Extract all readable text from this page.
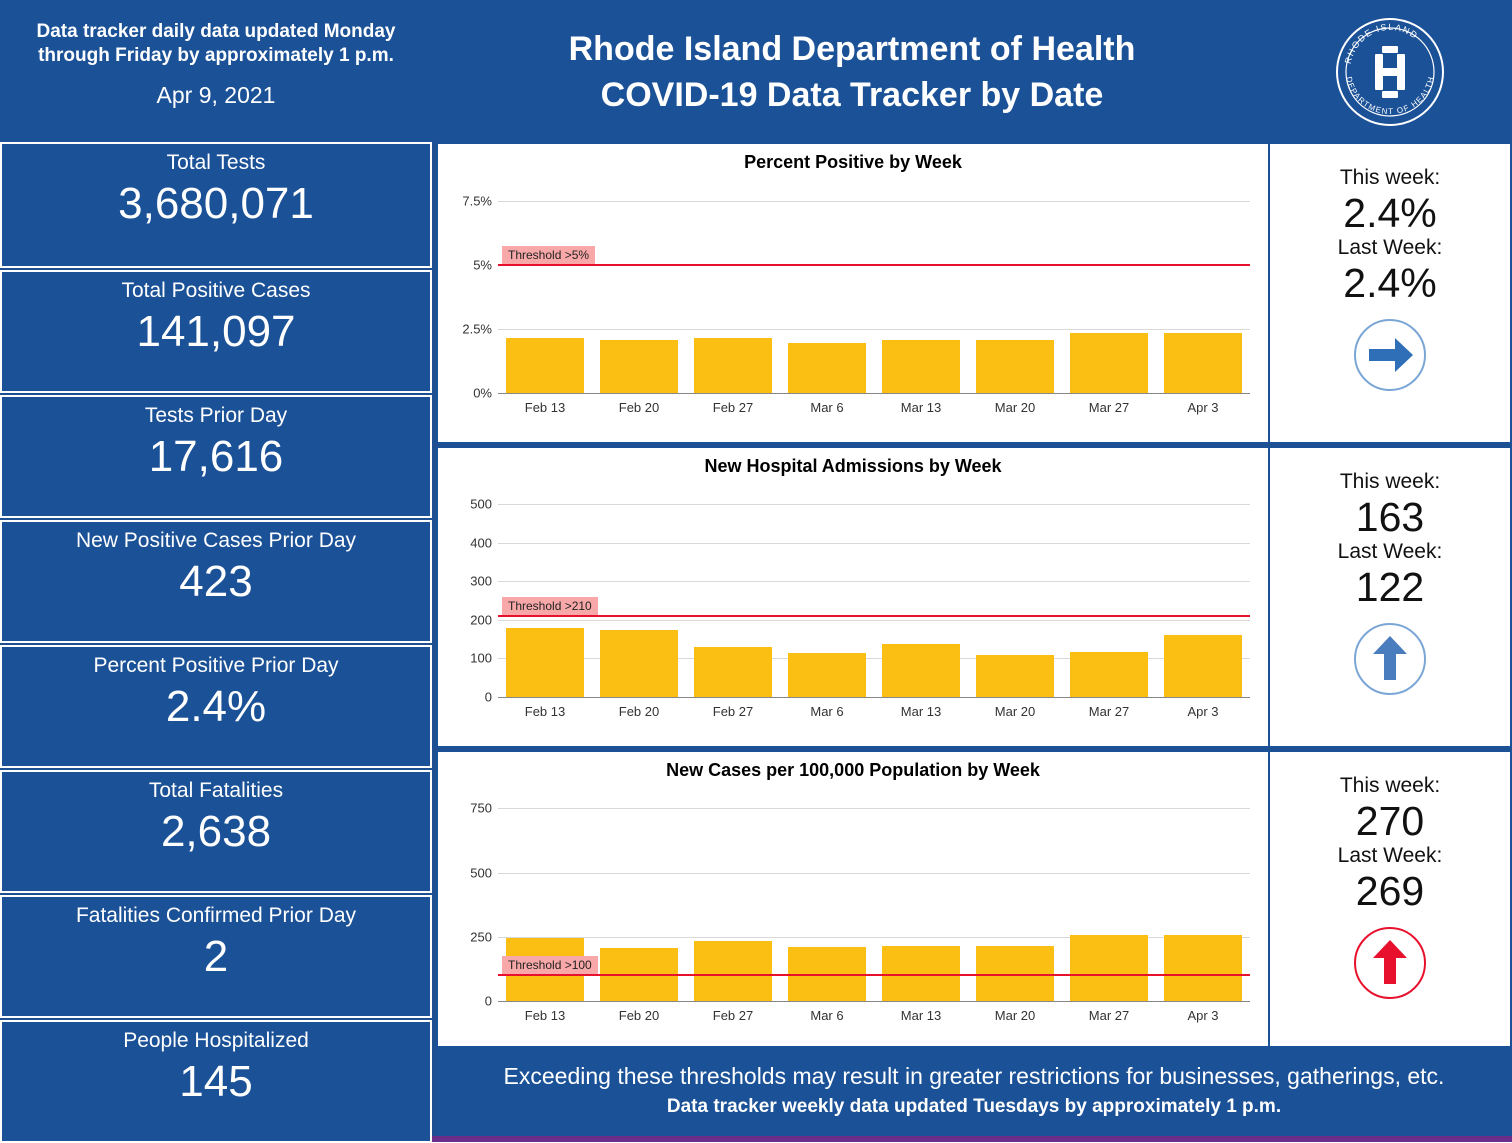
Data tracker daily data updated Monday through Friday by approximately 1 p.m.
Apr 9, 2021
Rhode Island Department of Health
COVID-19 Data Tracker by Date
RHODE ISLAND
DEPARTMENT OF HEALTH
Total Tests
3,680,071
Total Positive Cases
141,097
Tests Prior Day
17,616
New Positive Cases Prior Day
423
Percent Positive Prior Day
2.4%
Total Fatalities
2,638
Fatalities Confirmed Prior Day
2
People Hospitalized
145
Percent Positive by Week
0%
2.5%
5%
7.5%
Threshold >5%
Feb 13	Feb 20	Feb 27	Mar 6	Mar 13	Mar 20	Mar 27	Apr 3
This week:
2.4%
Last Week:
2.4%
New Hospital Admissions by Week
0
100
200
300
400
500
Threshold >210
Feb 13	Feb 20	Feb 27	Mar 6	Mar 13	Mar 20	Mar 27	Apr 3
This week:
163
Last Week:
122
New Cases per 100,000 Population by Week
0
250
500
750
Threshold >100
Feb 13	Feb 20	Feb 27	Mar 6	Mar 13	Mar 20	Mar 27	Apr 3
This week:
270
Last Week:
269
Exceeding these thresholds may result in greater restrictions for businesses, gatherings, etc.
Data tracker weekly data updated Tuesdays by approximately 1 p.m.
